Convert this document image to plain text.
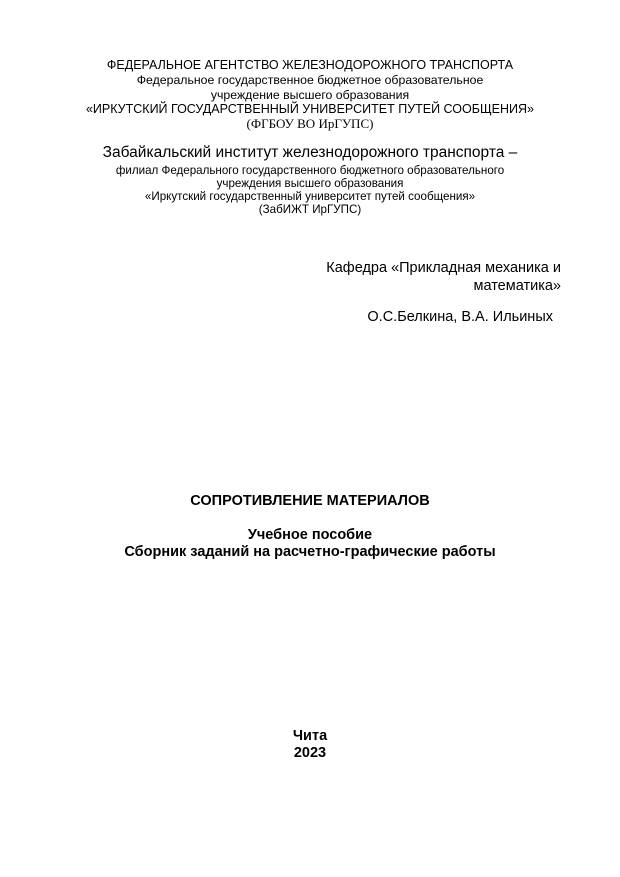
ФЕДЕРАЛЬНОЕ АГЕНТСТВО ЖЕЛЕЗНОДОРОЖНОГО ТРАНСПОРТА
Федеральное государственное бюджетное образовательное
учреждение высшего образования
«ИРКУТСКИЙ ГОСУДАРСТВЕННЫЙ УНИВЕРСИТЕТ ПУТЕЙ СООБЩЕНИЯ»
(ФГБОУ ВО ИрГУПС)
Забайкальский институт железнодорожного транспорта –
филиал Федерального государственного бюджетного образовательного
учреждения высшего образования
«Иркутский государственный университет путей сообщения»
(ЗабИЖТ ИрГУПС)
Кафедра «Прикладная механика и
математика»
О.С.Белкина, В.А. Ильиных
СОПРОТИВЛЕНИЕ МАТЕРИАЛОВ
Учебное пособие
Сборник заданий на расчетно-графические работы
Чита
2023
